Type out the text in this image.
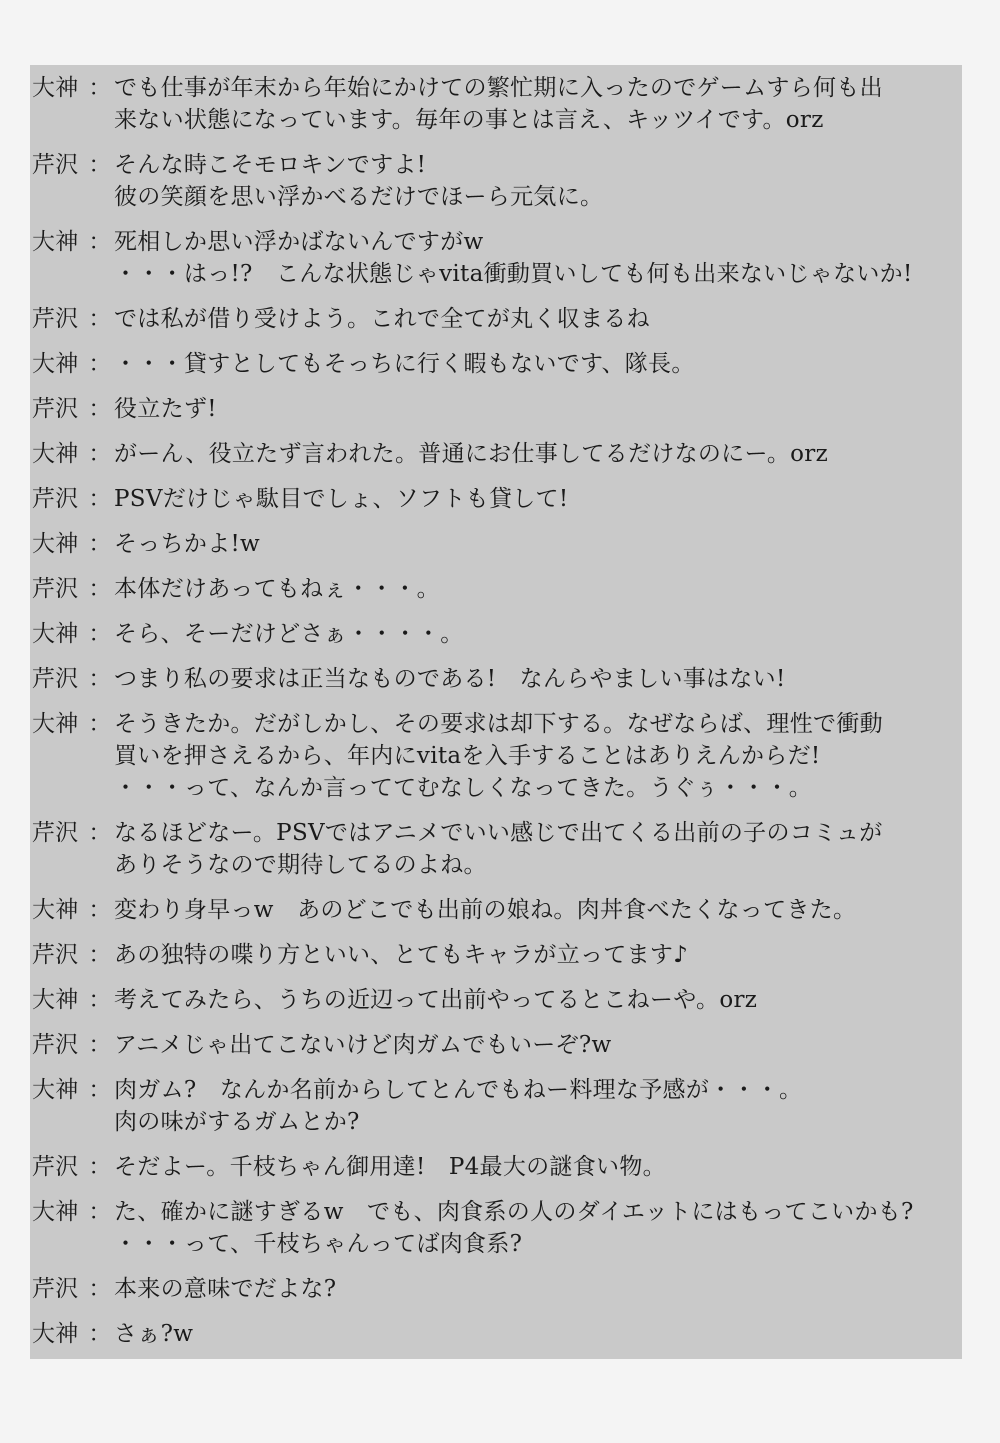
大神 ： でも仕事が年末から年始にかけての繁忙期に入ったのでゲームすら何も出
来ない状態になっています。毎年の事とは言え、キッツイです。orz
芹沢 ： そんな時こそモロキンですよ!
彼の笑顔を思い浮かべるだけでほーら元気に。
大神 ： 死相しか思い浮かばないんですがw
・・・はっ!?　こんな状態じゃvita衝動買いしても何も出来ないじゃないか!
芹沢 ： では私が借り受けよう。これで全てが丸く収まるね
大神 ： ・・・貸すとしてもそっちに行く暇もないです、隊長。
芹沢 ： 役立たず!
大神 ： がーん、役立たず言われた。普通にお仕事してるだけなのにー。orz
芹沢 ： PSVだけじゃ駄目でしょ、ソフトも貸して!
大神 ： そっちかよ!w
芹沢 ： 本体だけあってもねぇ・・・。
大神 ： そら、そーだけどさぁ・・・・。
芹沢 ： つまり私の要求は正当なものである!　なんらやましい事はない!
大神 ： そうきたか。だがしかし、その要求は却下する。なぜならば、理性で衝動
買いを押さえるから、年内にvitaを入手することはありえんからだ!
・・・って、なんか言っててむなしくなってきた。うぐぅ・・・。
芹沢 ： なるほどなー。PSVではアニメでいい感じで出てくる出前の子のコミュが
ありそうなので期待してるのよね。
大神 ： 変わり身早っw　あのどこでも出前の娘ね。肉丼食べたくなってきた。
芹沢 ： あの独特の喋り方といい、とてもキャラが立ってます♪
大神 ： 考えてみたら、うちの近辺って出前やってるとこねーや。orz
芹沢 ： アニメじゃ出てこないけど肉ガムでもいーぞ?w
大神 ： 肉ガム?　なんか名前からしてとんでもねー料理な予感が・・・。
肉の味がするガムとか?
芹沢 ： そだよー。千枝ちゃん御用達!　P4最大の謎食い物。
大神 ： た、確かに謎すぎるw　でも、肉食系の人のダイエットにはもってこいかも?
・・・って、千枝ちゃんってば肉食系?
芹沢 ： 本来の意味でだよな?
大神 ： さぁ?w
